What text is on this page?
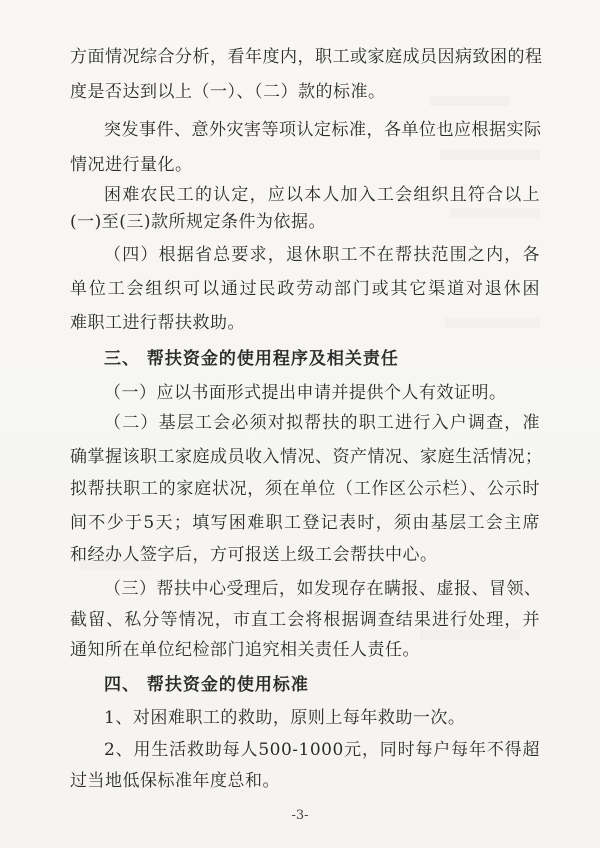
方面情况综合分析，看年度内，职工或家庭成员因病致困的程
度是否达到以上（一）、（二）款的标准。
突发事件、意外灾害等项认定标准，各单位也应根据实际
情况进行量化。
困难农民工的认定，应以本人加入工会组织且符合以上
(一)至(三)款所规定条件为依据。
（四）根据省总要求，退休职工不在帮扶范围之内，各
单位工会组织可以通过民政劳动部门或其它渠道对退休困
难职工进行帮扶救助。
三、 帮扶资金的使用程序及相关责任
（一）应以书面形式提出申请并提供个人有效证明。
（二）基层工会必须对拟帮扶的职工进行入户调查，准
确掌握该职工家庭成员收入情况、资产情况、家庭生活情况；
拟帮扶职工的家庭状况，须在单位（工作区公示栏）、公示时
间不少于5天；填写困难职工登记表时，须由基层工会主席
和经办人签字后，方可报送上级工会帮扶中心。
（三）帮扶中心受理后，如发现存在瞒报、虚报、冒领、
截留、私分等情况，市直工会将根据调查结果进行处理，并
通知所在单位纪检部门追究相关责任人责任。
四、 帮扶资金的使用标准
1、对困难职工的救助，原则上每年救助一次。
2、用生活救助每人500-1000元，同时每户每年不得超
过当地低保标准年度总和。
-3-
